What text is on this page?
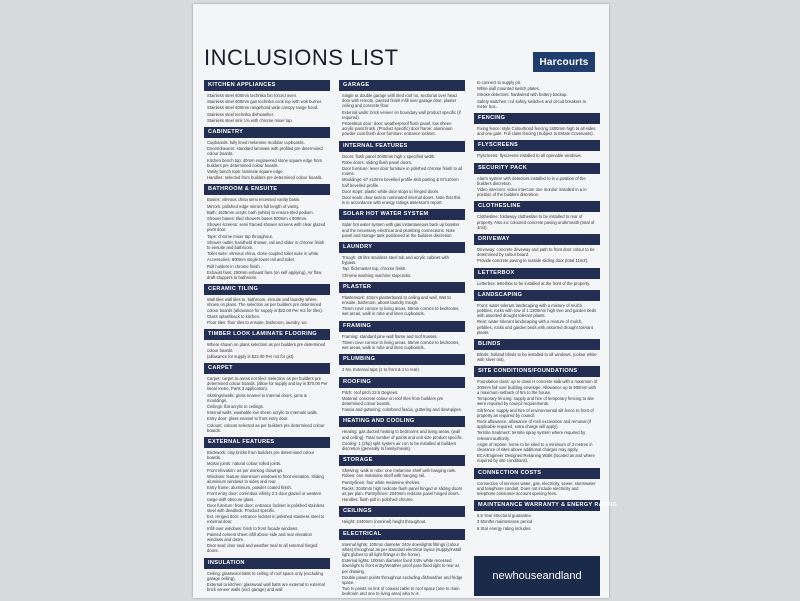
INCLUSIONS LIST	Harcourts
KITCHEN APPLIANCES

Stainless steel 600mm technika fan forced oven.

Stainless steel 600mm gas technika cook top with wok burner.

Stainless steel 600mm rangehood wide canopy range hood.

Stainless steel technika dishwasher.

Stainless steel sink 1¾ with chrome mixer tap.

CABINETRY

Cupboards: fully lined melamine modular cupboards.

Doors/drawers: standard laminate with profiled pre determined colour boards.

Kitchen bench top: 40mm engineered stone square edge from builders pre determined colour boards.

Vanity bench tops: laminate square edge.

Handles: selected from builders pre determined colour boards.

BATHROOM & ENSUITE

Basins: vitreous china semi recessed vanity basin.

Mirrors: polished edge mirrors full length of vanity.

Bath: 1625mm acrylic bath (white) to ensure tiled podium.

Shower bases: tiled showers bases 900mm x 900mm.

Shower screens: semi framed shower screens with clear glazed pivot door.

Taps: chrome mixer tap throughout.

Shower outlet: handheld shower, rail and slider in chrome finish to ensuite and bathroom.

Toilet suite: vitreous china, close coupled toilet suite in white.

Accessories: 600mm single towel rail and toilet.

Roll holders in chrome finish.

Exhaust fans: 250mm exhaust fans (on self applying), Air flow draft stoppers to bathroom.

CERAMIC TILING

Wall tiles wall tiles to, bathroom, ensuite and laundry where shown on plans. The selection as per builders pre determined colour boards (allowance for supply is $22.00 Per m2 for tiles).

Glass splashback to kitchen.

Floor tiles: floor tiles to ensuite, bathroom, laundry, wc.

TIMBER LOOK LAMINATE FLOORING

Where shown on plans selection as per builders pre determined colour boards.

(allowance for supply is $22.00 Per m2 for gst).

CARPET

Carpet: carpet to areas not tiled. Selection as per builders pre determined colour boards, (allow for supply and lay is $70.00 Per lineal metre, Parts 3 application).

Skirtings/walls: gloss enamel to internal doors, jams & mouldings.

Ceilings: flat acrylic to ceilings.

Internal walls: washable low sheen acrylic to internals walls.

Entry door: gloss enamel to front entry door.

Colours: colours selected as per builders pre determined colour boards.

EXTERNAL FEATURES

Brickwork: clay bricks from builders pre determined colour boards.

Mortar joints: natural colour rolled joints.

Front elevation: as per working drawings.

Windows: feature aluminium windows to front elevation. Sliding aluminium windows to sides and rear.

Entry frame: aluminium, powder coated finish.

Front entry door: corrimbax infinity 2:1 door glazed or western range with obscure glass.

Door furniture: front door: entrance lockset in polished stainless steel with deadlock. Product specific.

Ext. Hinged door: entrance lockset in polished stainless steel to external door.

Infill over windows: brick to front facade windows.

Painted cement sheet infill above side and rear elevation windows and doors.

Door seal: door seal and weather seal to all external hinged doors.

INSULATION

Ceiling: glasswool batts to ceiling of roof space only (excluding garage ceiling).

External to kitchen: glasswool wall batts are external to external brick veneer walls (excl garage) and wall

GARAGE

Single or double garage with tiled roof no, sectional over head door with remote, painted finish infill over garage door, plaster ceiling and concrete floor.

External walls: brick veneer on boundary wall product specific (if required).

Pedestrian door: door, weatherproof flush panel, low sheen acrylic paint finish. (Product specific) door frame: aluminium powder coat finish door furniture: entrance lockset.

INTERNAL FEATURES

Doors: flush panel 2040mm high x specified width.

Robe doors: sliding flush panel doors.

Door furniture: lever door furniture in polished chrome finish to all rooms.

Mouldings: 67 x10mm bevelled profile skirt parting & 67x10mm half bevelled profile.

Door stops: plastic white door stops to hinged doors.

Door seals: door seal to nominated internal doors. Note that this is in accordance with energy ratings assessor's report.

SOLAR HOT WATER SYSTEM

Solar hot water system with gas instantaneous back up booster and the necessary electrical and plumbing connections. Note panel and storage tank positioned at the builders discretion.

LAUNDRY

Trough: 45 litre stainless steel tub and acrylic cabinet with bypass.

Tap: flickmaster tap, chrome finish.

Chrome washing machine stopcocks.

PLASTER

Plasterwork: 10mm plasterboard to ceiling and wall. Wet to ensuite, bathroom, above laundry trough.

75mm cove cornice to living areas, 55mm cornice to bedrooms, wet areas, walk in robe and linen cupboards.

FRAMING

Framing: standard pine wall frame and roof trusses.

75mm cove cornice to living areas, 55mm cornice to bedrooms, wet areas, walk in robe and linen cupboards.

PLUMBING

2 No. External taps (1 to front & 1 to rear).

ROOFING

Pitch: roof pitch 22.5 Degrees.

Material: concrete colour on roof tiles from builders pre determined colour boards.

Fascia and guttering: colorbond fascia, guttering and downpipes.

HEATING AND COOLING

Heating: gas ducted heating to bedrooms and living areas, (wall and ceiling). Total number of points and unit size product specific.

Cooling: 1 (2hp) split system air con to be installed at builders discretion (generally to family/meals).

STORAGE

Shelving: walk in robe: one melamine shelf with hanging rails. Robes: one melamine shelf with hanging rail.

Pantry/linen: four white melamine shelves.

Racks: 2040mm high redicote flush panel hinged or sliding doors as per plan. Pantry/linen: 2040mm redicote panel hinged doors.

Handles: flush pull in polished chrome.

CEILINGS

Height: 2440mm (nominal) height throughout.

ELECTRICAL

Internal lights: 100mm diameter 240v downlights fittings (colour white) throughout as per standard electrical layout (supply/install light globes to all light fittings in the home).

External lights: 100mm diameter fixed 240v white recessed downlight to front entry/Weather proof para flood light to rear as per drawing.

Double power points throughout excluding dishwasher and fridge space.

Two tv points no link of coaxial cable to roof space (one to main bedroom and one to living area) also tv is

to connect to supply pit.

White wall mounted switch plates.

Smoke detectors: hardwired with battery backup.

Safety switches: rcd safety switches and circuit breakers to meter box.

FENCING

Fixing fence: style Colourbond fencing 1800mm high to all sides and one gate. Full class fencing (Subject to Estate Covenants).

FLYSCREENS

Flyscreens: flyscreens installed to all openable windows.

SECURITY PACK

Alarm system with detectors installed to in a position of the builders discretion.

Video intercom: video intercom one monitor installed in a in position of the builders discretion.

CLOTHESLINE

Clothesline: foldaway clothesline to be installed to rear of property. Also inc coloured concrete paving underneath (total of 4m2).

DRIVEWAY

Driveway: concrete driveway and path to front door colour to be determined by colour board.

Provide concrete paving to outside sliding door (total 11m2).

LETTERBOX

Letterbox: letterbox to be installed at the front of the property.

LANDSCAPING

Front: water tolerant landscaping with a mixture of mulch, pebbles, rocks with row of 1:1300mm high tree and garden beds with assorted drought tolerant plants.

Rear: water tolerant landscaping with a mixture of mulch, pebbles, rocks and garden beds with assorted drought tolerant plants.

BLINDS

Blinds: holland blinds to be installed to all windows, (colour white with silver tint).

SITE CONDITIONS/FOUNDATIONS

Foundation class: up to class H concrete slab with a maximum of 300mm fall over building envelope. Allowance up to 900mm with a maximum setback of 5m to the house.

Temporary fencing: supply and hire of temporary fencing to site were required by council requirements.

Silt fence: supply and hire of environmental silt fence to front of property as required by council.

Rock allowance: allowance of rock excavation and removal (if applicable required, extra charge will apply).

Termite treatment: termite spray system where required by relevant authority.

Angle of repose: home to be sited to a minimum of 3 metres in clearance of sites above additional charges may apply.

BCA/Engineer Designed Retaining Walls (located as and where required by site conditions).

CONNECTION COSTS

Connection of services water, gas, electricity, sewer, stormwater and telephone conduit. Does not include electricity and telephone consumer account opening fees.

MAINTENANCE WARRANTY & ENERGY RATING

6.5 Year structural guarantee.

3 Months maintenance period.

6 Star energy rating includes.

newhouseandland
